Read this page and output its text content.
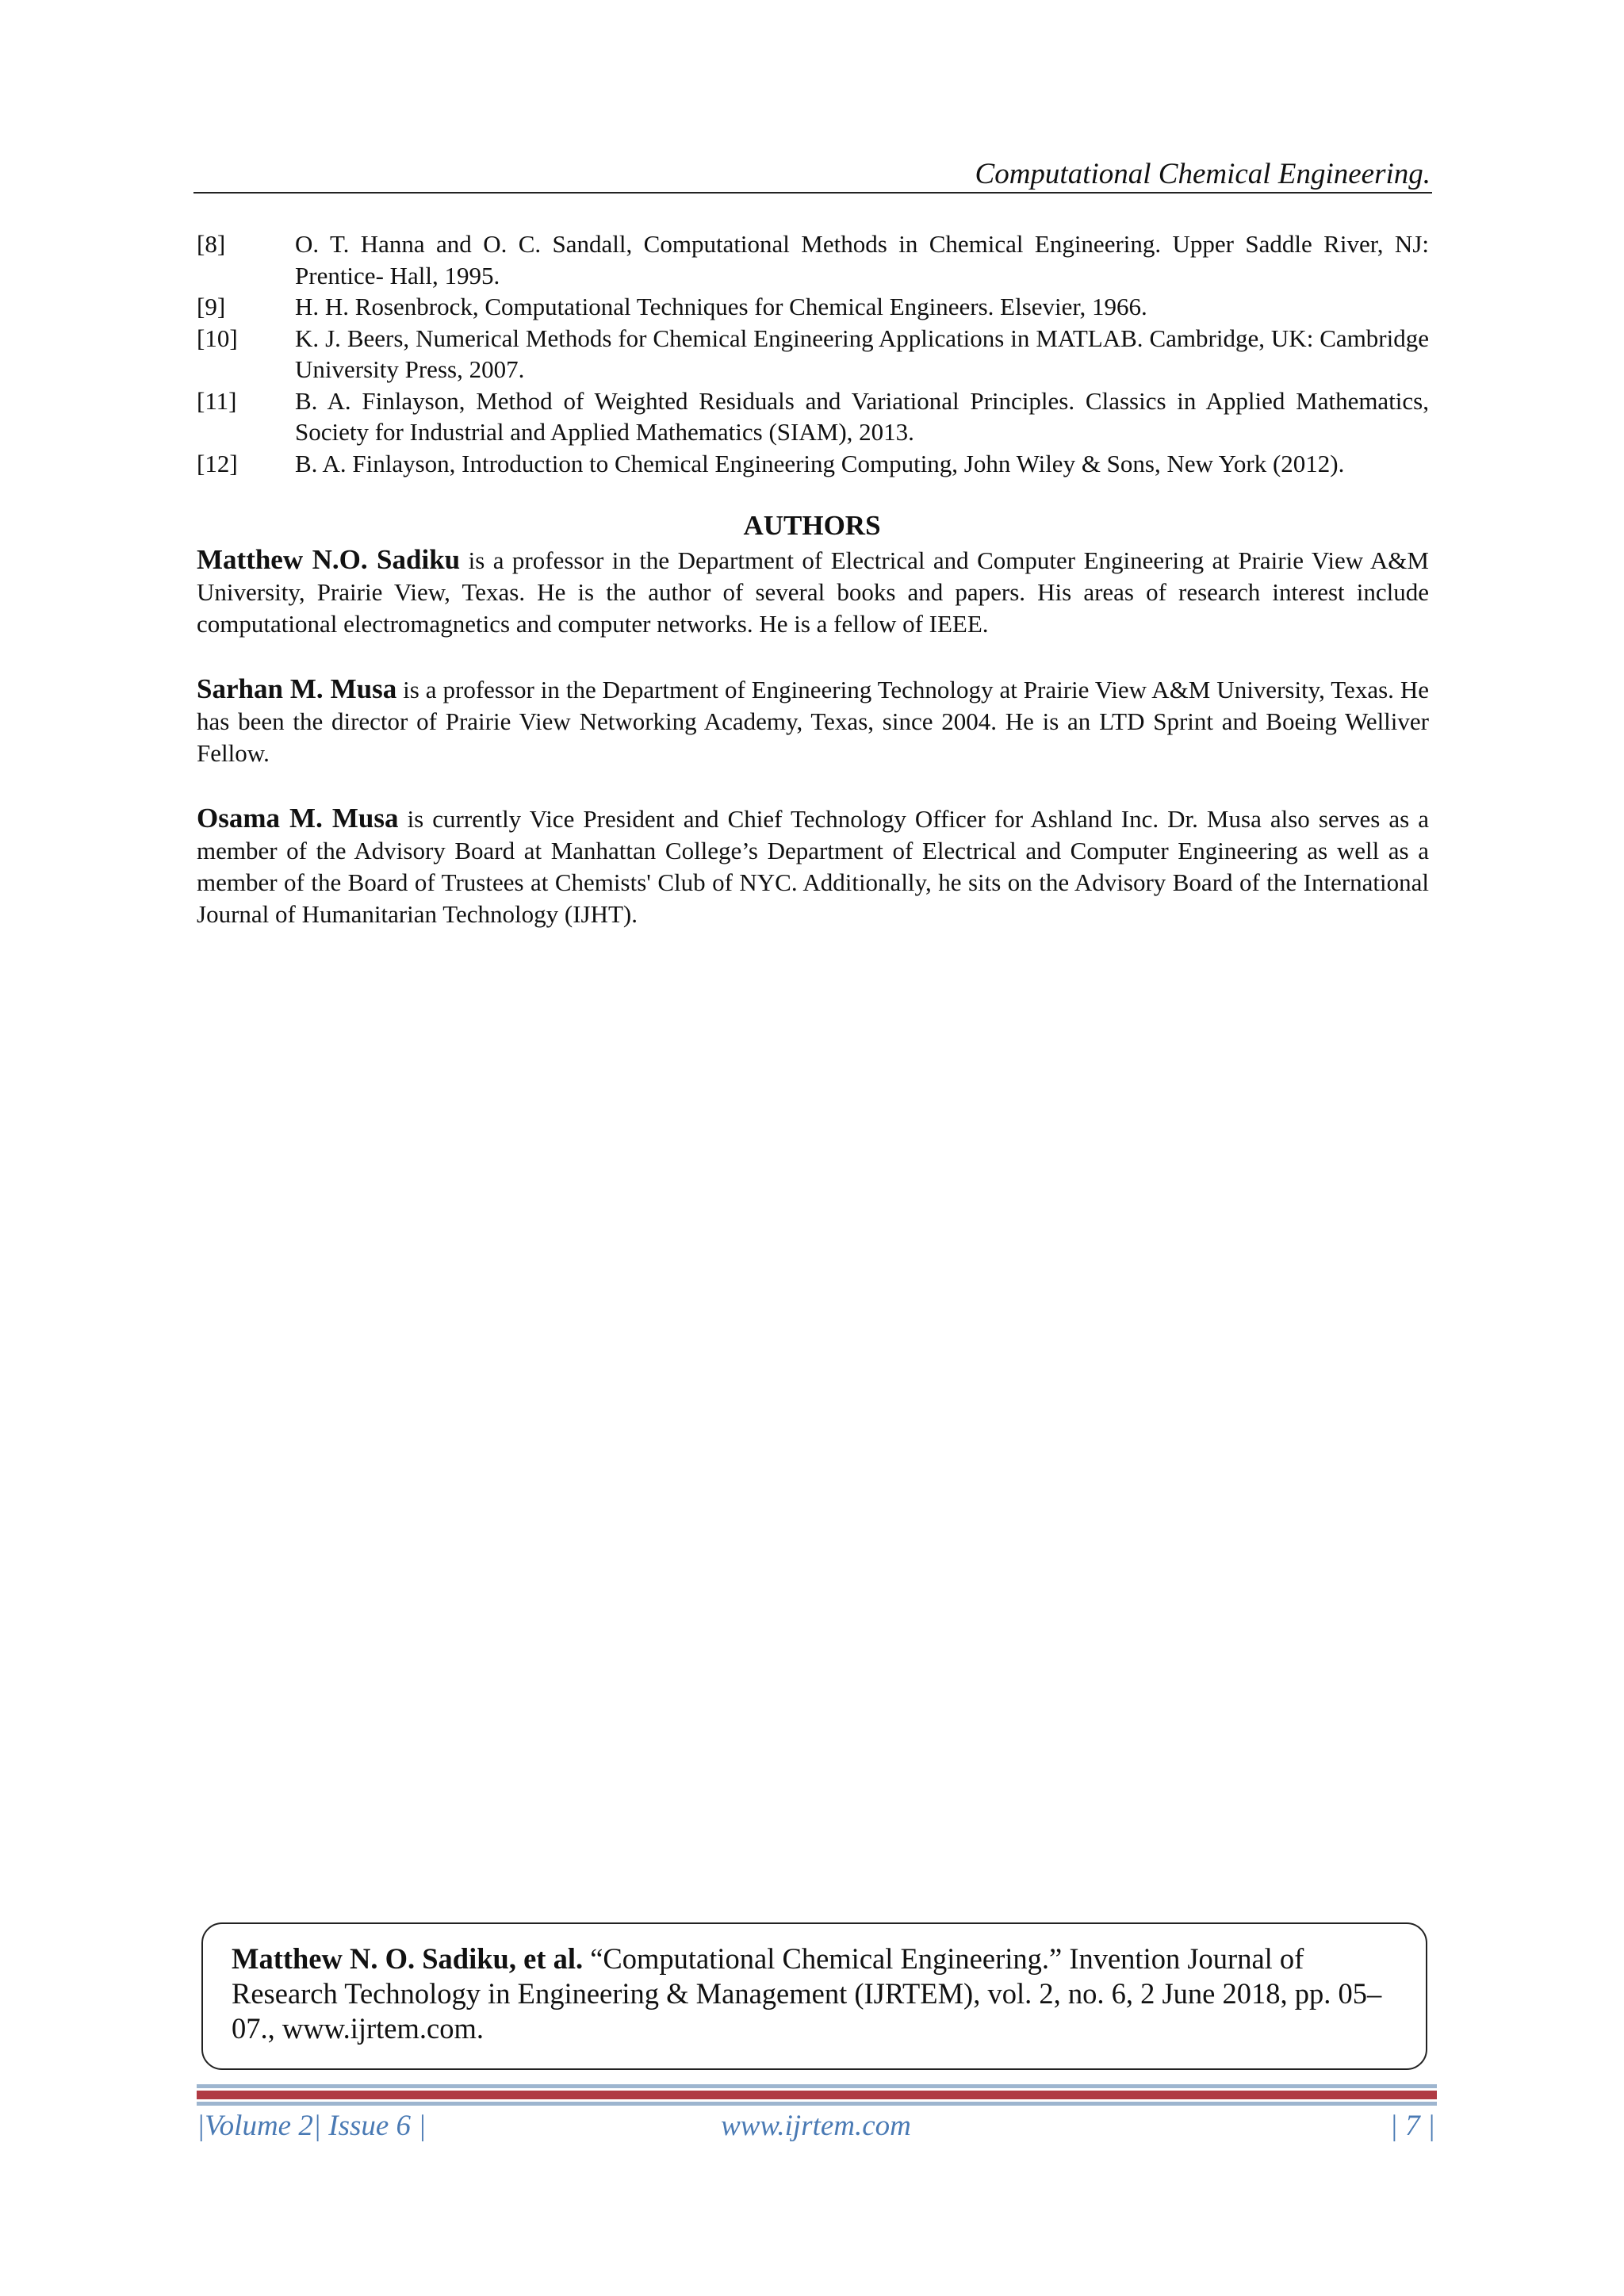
Computational Chemical Engineering.
[8]	O. T. Hanna and O. C. Sandall, Computational Methods in Chemical Engineering. Upper Saddle River, NJ: Prentice- Hall, 1995.
[9]	H. H. Rosenbrock, Computational Techniques for Chemical Engineers. Elsevier, 1966.
[10]	K. J. Beers, Numerical Methods for Chemical Engineering Applications in MATLAB. Cambridge, UK: Cambridge University Press, 2007.
[11]	B. A. Finlayson, Method of Weighted Residuals and Variational Principles. Classics in Applied Mathematics, Society for Industrial and Applied Mathematics (SIAM), 2013.
[12]	B. A. Finlayson, Introduction to Chemical Engineering Computing, John Wiley & Sons, New York (2012).
AUTHORS
Matthew N.O. Sadiku is a professor in the Department of Electrical and Computer Engineering at Prairie View A&M University, Prairie View, Texas. He is the author of several books and papers. His areas of research interest include computational electromagnetics and computer networks. He is a fellow of IEEE.
Sarhan M. Musa is a professor in the Department of Engineering Technology at Prairie View A&M University, Texas. He has been the director of Prairie View Networking Academy, Texas, since 2004. He is an LTD Sprint and Boeing Welliver Fellow.
Osama M. Musa is currently Vice President and Chief Technology Officer for Ashland Inc. Dr. Musa also serves as a member of the Advisory Board at Manhattan College’s Department of Electrical and Computer Engineering as well as a member of the Board of Trustees at Chemists' Club of NYC. Additionally, he sits on the Advisory Board of the International Journal of Humanitarian Technology (IJHT).
Matthew N. O. Sadiku, et al. “Computational Chemical Engineering.” Invention Journal of Research Technology in Engineering & Management (IJRTEM), vol. 2, no. 6, 2 June 2018, pp. 05–07., www.ijrtem.com.
|Volume 2| Issue 6 |	www.ijrtem.com	| 7 |
